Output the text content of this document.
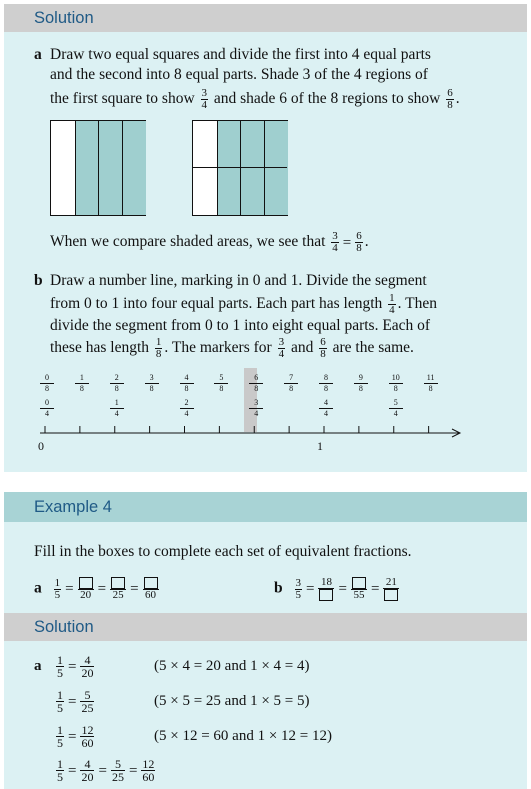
Solution
a Draw two equal squares and divide the first into 4 equal parts
and the second into 8 equal parts. Shade 3 of the 4 regions of
the first square to show $\frac{3}{4}$ and shade 6 of the 8 regions to show $\frac{6}{8}$ .
When we compare shaded areas, we see that $\frac{3}{4} = \frac{6}{8}$ .
b Draw a number line, marking in 0 and 1. Divide the segment
from 0 to 1 into four equal parts. Each part has length $\frac{1}{4}$ . Then
divide the segment from 0 to 1 into eight equal parts. Each of
these has length $\frac{1}{8}$ . The markers for $\frac{3}{4}$ and $\frac{6}{8}$ are the same.
0
8
1
8
2
8
3
8
4
8
5
8
6
8
7
8
8
8
9
8
10
8
11
8
0
4
1
4
2
4
3
4
4
4
5
4
0	1
Example 4
Fill in the boxes to complete each set of equivalent fractions.
a $\frac{1}{5} = 20 = 25 = 60$	b $\frac{3}{5} = 18 = 55 = 21$
Solution
a $\frac{1}{5} = \frac{4}{20}$	(5 × 4 = 20 and 1 × 4 = 4)
$\frac{1}{5} = \frac{5}{25}$	(5 × 5 = 25 and 1 × 5 = 5)
$\frac{1}{5} = \frac{12}{60}$	(5 × 12 = 60 and 1 × 12 = 12)
$\frac{1}{5} = \frac{4}{20} = \frac{5}{25} = \frac{12}{60}$
